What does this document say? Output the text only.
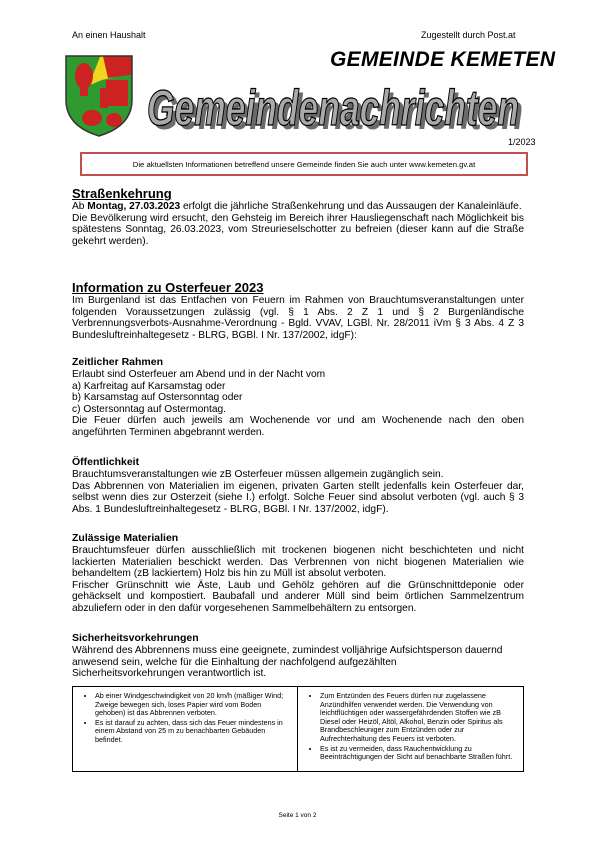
An einen Haushalt	Zugestellt durch Post.at
GEMEINDE KEMETEN
Gemeindenachrichten
Gemeindenachrichten
1/2023
Die aktuellsten Informationen betreffend unsere Gemeinde finden Sie auch unter www.kemeten.gv.at
Straßenkehrung

Ab Montag, 27.03.2023 erfolgt die jährliche Straßenkehrung und das Aussaugen der Kanaleinläufe.

Die Bevölkerung wird ersucht, den Gehsteig im Bereich ihrer Hausliegenschaft nach Möglichkeit bis spätestens Sonntag, 26.03.2023, vom Streurieselschotter zu befreien (dieser kann auf die Straße gekehrt werden).

Information zu Osterfeuer 2023
Im Burgenland ist das Entfachen von Feuern im Rahmen von Brauchtumsveranstaltungen unter folgenden Voraussetzungen zulässig (vgl. § 1 Abs. 2 Z 1 und § 2 Burgenländische Verbrennungsverbots-Ausnahme-Verordnung - Bgld. VVAV, LGBl. Nr. 28/2011 iVm § 3 Abs. 4 Z 3 Bundesluftreinhaltegesetz - BLRG, BGBl. I Nr. 137/2002, idgF):
Zeitlicher Rahmen
Erlaubt sind Osterfeuer am Abend und in der Nacht vom
a) Karfreitag auf Karsamstag oder
b) Karsamstag auf Ostersonntag oder
c) Ostersonntag auf Ostermontag.

Die Feuer dürfen auch jeweils am Wochenende vor und am Wochenende nach den oben angeführten Terminen abgebrannt werden.

Öffentlichkeit

Brauchtumsveranstaltungen wie zB Osterfeuer müssen allgemein zugänglich sein.

Das Abbrennen von Materialien im eigenen, privaten Garten stellt jedenfalls kein Osterfeuer dar, selbst wenn dies zur Osterzeit (siehe I.) erfolgt. Solche Feuer sind absolut verboten (vgl. auch § 3 Abs. 1 Bundesluftreinhaltegesetz - BLRG, BGBl. I Nr. 137/2002, idgF).

Zulässige Materialien

Brauchtumsfeuer dürfen ausschließlich mit trockenen biogenen nicht beschichteten und nicht lackierten Materialien beschickt werden. Das Verbrennen von nicht biogenen Materialien wie behandeltem (zB lackiertem) Holz bis hin zu Müll ist absolut verboten.

Frischer Grünschnitt wie Äste, Laub und Gehölz gehören auf die Grünschnittdeponie oder gehäckselt und kompostiert. Baubafall und anderer Müll sind beim örtlichen Sammelzentrum abzuliefern oder in den dafür vorgesehenen Sammelbehältern zu entsorgen.

Sicherheitsvorkehrungen
Während des Abbrennens muss eine geeignete, zumindest volljährige Aufsichtsperson dauernd
anwesend sein, welche für die Einhaltung der nachfolgend aufgezählten
Sicherheitsvorkehrungen verantwortlich ist.
• Ab einer Windgeschwindigkeit von 20 km/h (mäßiger Wind; Zweige bewegen sich, loses Papier wird vom Boden gehoben) ist das Abbrennen verboten.
• Es ist darauf zu achten, dass sich das Feuer mindestens in einem Abstand von 25 m zu benachbarten Gebäuden befindet.
• Zum Entzünden des Feuers dürfen nur zugelassene Anzündhilfen verwendet werden. Die Verwendung von leichtflüchtigen oder wassergefährdenden Stoffen wie zB Diesel oder Heizöl, Altöl, Alkohol, Benzin oder Spiritus als Brandbeschleuniger zum Entzünden oder zur Aufrechterhaltung des Feuers ist verboten.
• Es ist zu vermeiden, dass Rauchentwicklung zu Beeinträchtigungen der Sicht auf benachbarte Straßen führt.
Seite 1 von 2
